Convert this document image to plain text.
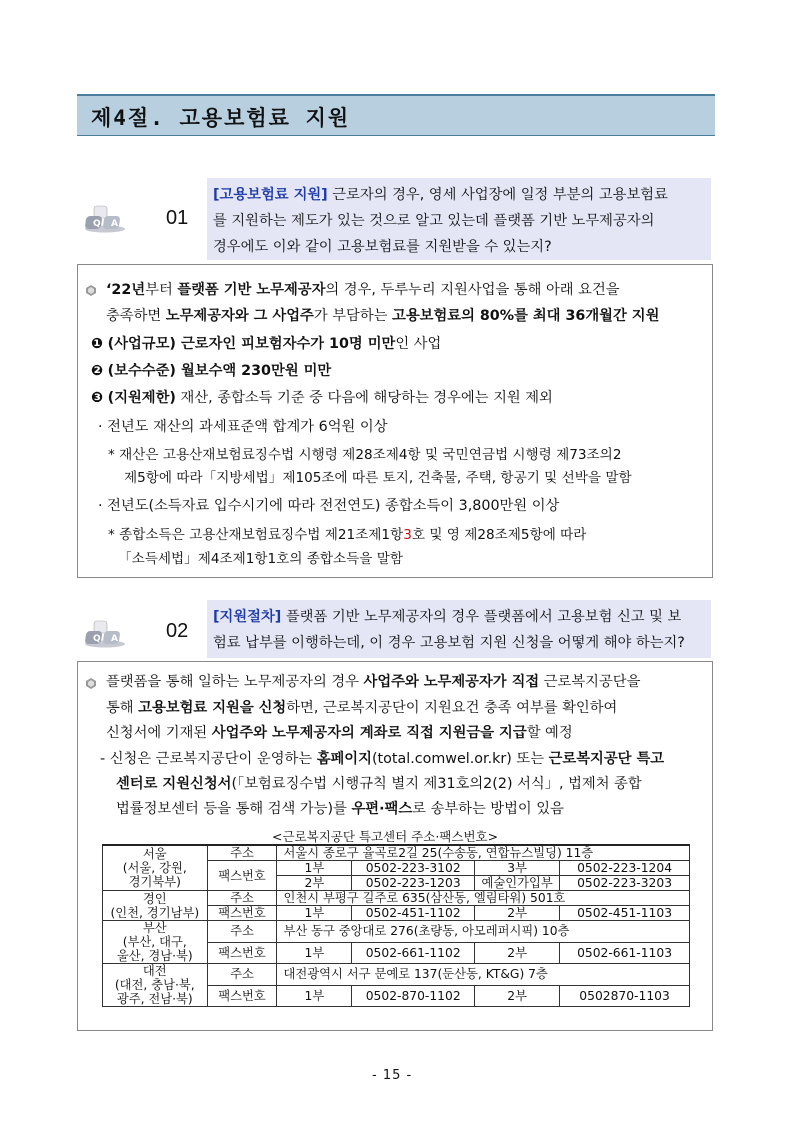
제4절. 고용보험료 지원
Q A 01
[고용보험료 지원] 근로자의 경우, 영세 사업장에 일정 부분의 고용보험료
를 지원하는 제도가 있는 것으로 알고 있는데 플랫폼 기반 노무제공자의
경우에도 이와 같이 고용보험료를 지원받을 수 있는지?
‘22년부터 플랫폼 기반 노무제공자의 경우, 두루누리 지원사업을 통해 아래 요건을
충족하면 노무제공자와 그 사업주가 부담하는 고용보험료의 80%를 최대 36개월간 지원
❶ (사업규모) 근로자인 피보험자수가 10명 미만인 사업
❷ (보수수준) 월보수액 230만원 미만
❸ (지원제한) 재산, 종합소득 기준 중 다음에 해당하는 경우에는 지원 제외
· 전년도 재산의 과세표준액 합계가 6억원 이상
* 재산은 고용산재보험료징수법 시행령 제28조제4항 및 국민연금법 시행령 제73조의2
제5항에 따라「지방세법」제105조에 따른 토지, 건축물, 주택, 항공기 및 선박을 말함
· 전년도(소득자료 입수시기에 따라 전전연도) 종합소득이 3,800만원 이상
* 종합소득은 고용산재보험료징수법 제21조제1항3호 및 영 제28조제5항에 따라
「소득세법」제4조제1항1호의 종합소득을 말함
Q A 02
[지원절차] 플랫폼 기반 노무제공자의 경우 플랫폼에서 고용보험 신고 및 보
험료 납부를 이행하는데, 이 경우 고용보험 지원 신청을 어떻게 해야 하는지?
플랫폼을 통해 일하는 노무제공자의 경우 사업주와 노무제공자가 직접 근로복지공단을
통해 고용보험료 지원을 신청하면, 근로복지공단이 지원요건 충족 여부를 확인하여
신청서에 기재된 사업주와 노무제공자의 계좌로 직접 지원금을 지급할 예정
- 신청은 근로복지공단이 운영하는 홈페이지(total.comwel.or.kr) 또는 근로복지공단 특고
센터로 지원신청서(「보험료징수법 시행규칙 별지 제31호의2(2) 서식」, 법제처 종합
법률정보센터 등을 통해 검색 가능)를 우편·팩스로 송부하는 방법이 있음
<근로복지공단 특고센터 주소·팩스번호>
서울
(서울, 강원,
경기북부)	주소	서울시 종로구 율곡로2길 25(수송동, 연합뉴스빌딩) 11층			
	팩스번호	1부	0502-223-3102	3부	0502-223-1204
		2부	0502-223-1203	예술인가입부	0502-223-3203
경인
(인천, 경기남부)	주소	인천시 부평구 길주로 635(삼산동, 엘림타워) 501호			
	팩스번호	1부	0502-451-1102	2부	0502-451-1103
부산
(부산, 대구,
울산, 경남·북)	주소	부산 동구 중앙대로 276(초량동, 아모레퍼시픽) 10층			
	팩스번호	1부	0502-661-1102	2부	0502-661-1103
대전
(대전, 충남·북,
광주, 전남·북)	주소	대전광역시 서구 문예로 137(둔산동, KT&G) 7층			
	팩스번호	1부	0502-870-1102	2부	0502870-1103
- 15 -
